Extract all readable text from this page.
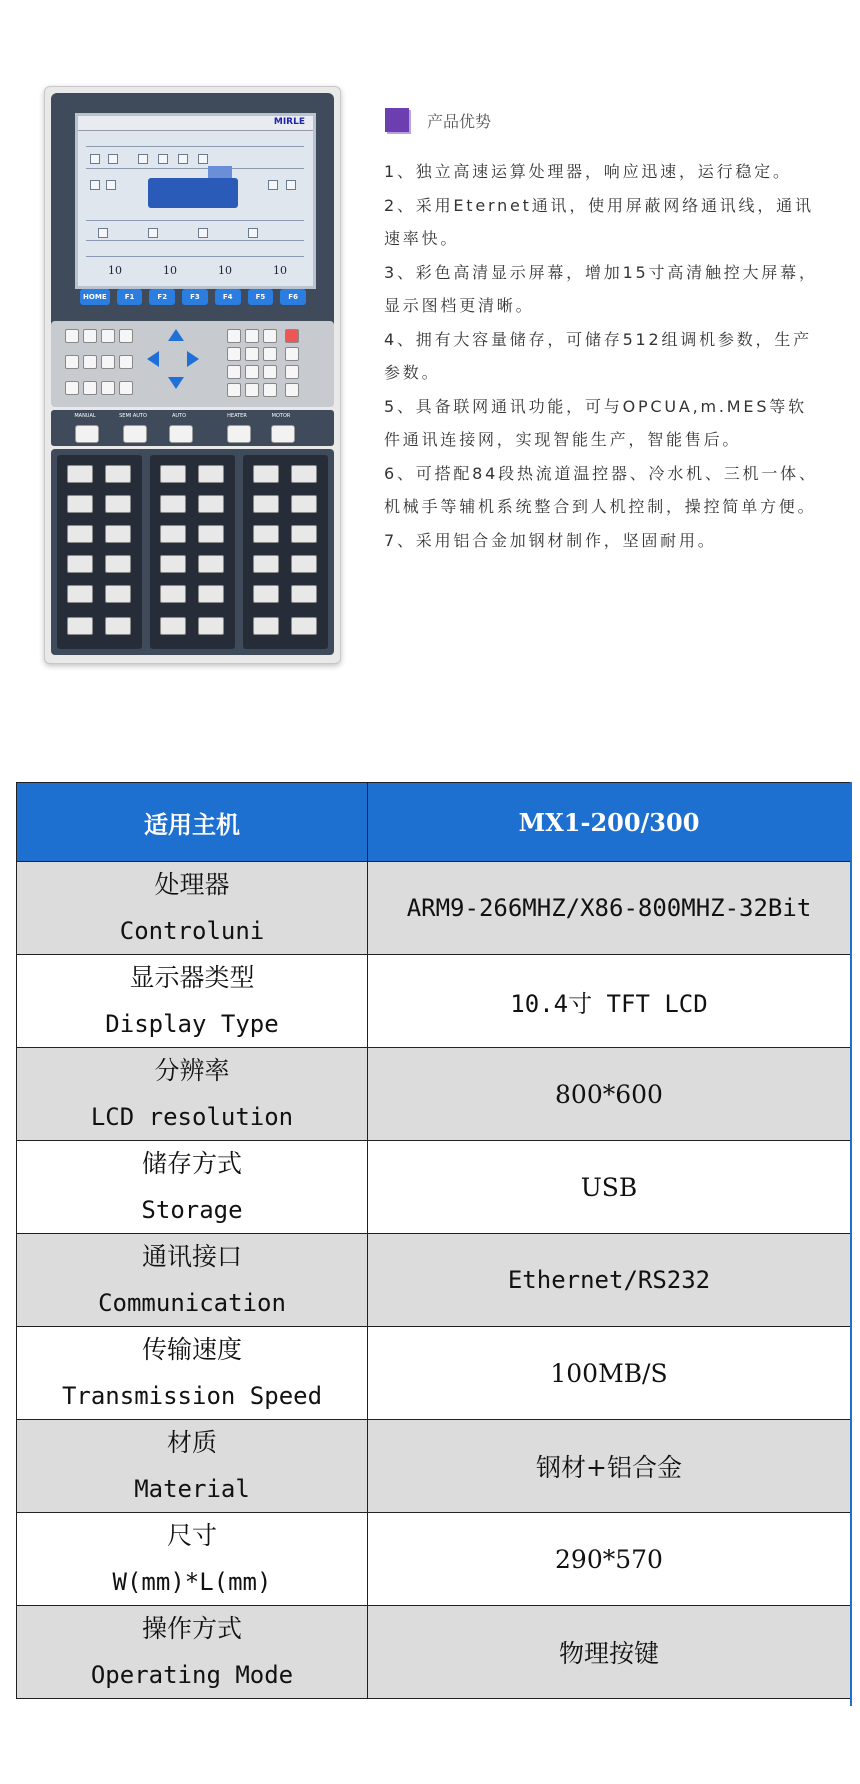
MIRLE
10	10	10	10
HOME	F1	F2	F3	F4	F5	F6
MANUAL	SEMI AUTO	AUTO	HEATER	MOTOR
产品优势

1、独立高速运算处理器，响应迅速，运行稳定。

2、采用Eternet通讯，使用屏蔽网络通讯线，通讯速率快。

3、彩色高清显示屏幕，增加15寸高清触控大屏幕，显示图档更清晰。

4、拥有大容量储存，可储存512组调机参数，生产参数。

5、具备联网通讯功能，可与OPCUA,m.MES等软件通讯连接网，实现智能生产，智能售后。

6、可搭配84段热流道温控器、冷水机、三机一体、机械手等辅机系统整合到人机控制，操控简单方便。

7、采用铝合金加钢材制作，坚固耐用。

适用主机	MX1-200/300

处理器
Controluni	ARM9-266MHZ/X86-800MHZ-32Bit

显示器类型
Display Type	10.4寸 TFT LCD

分辨率
LCD resolution	800*600

储存方式
Storage	USB

通讯接口
Communication	Ethernet/RS232

传输速度
Transmission Speed	100MB/S

材质
Material	钢材+铝合金

尺寸
W(mm)*L(mm)	290*570

操作方式
Operating Mode	物理按键
